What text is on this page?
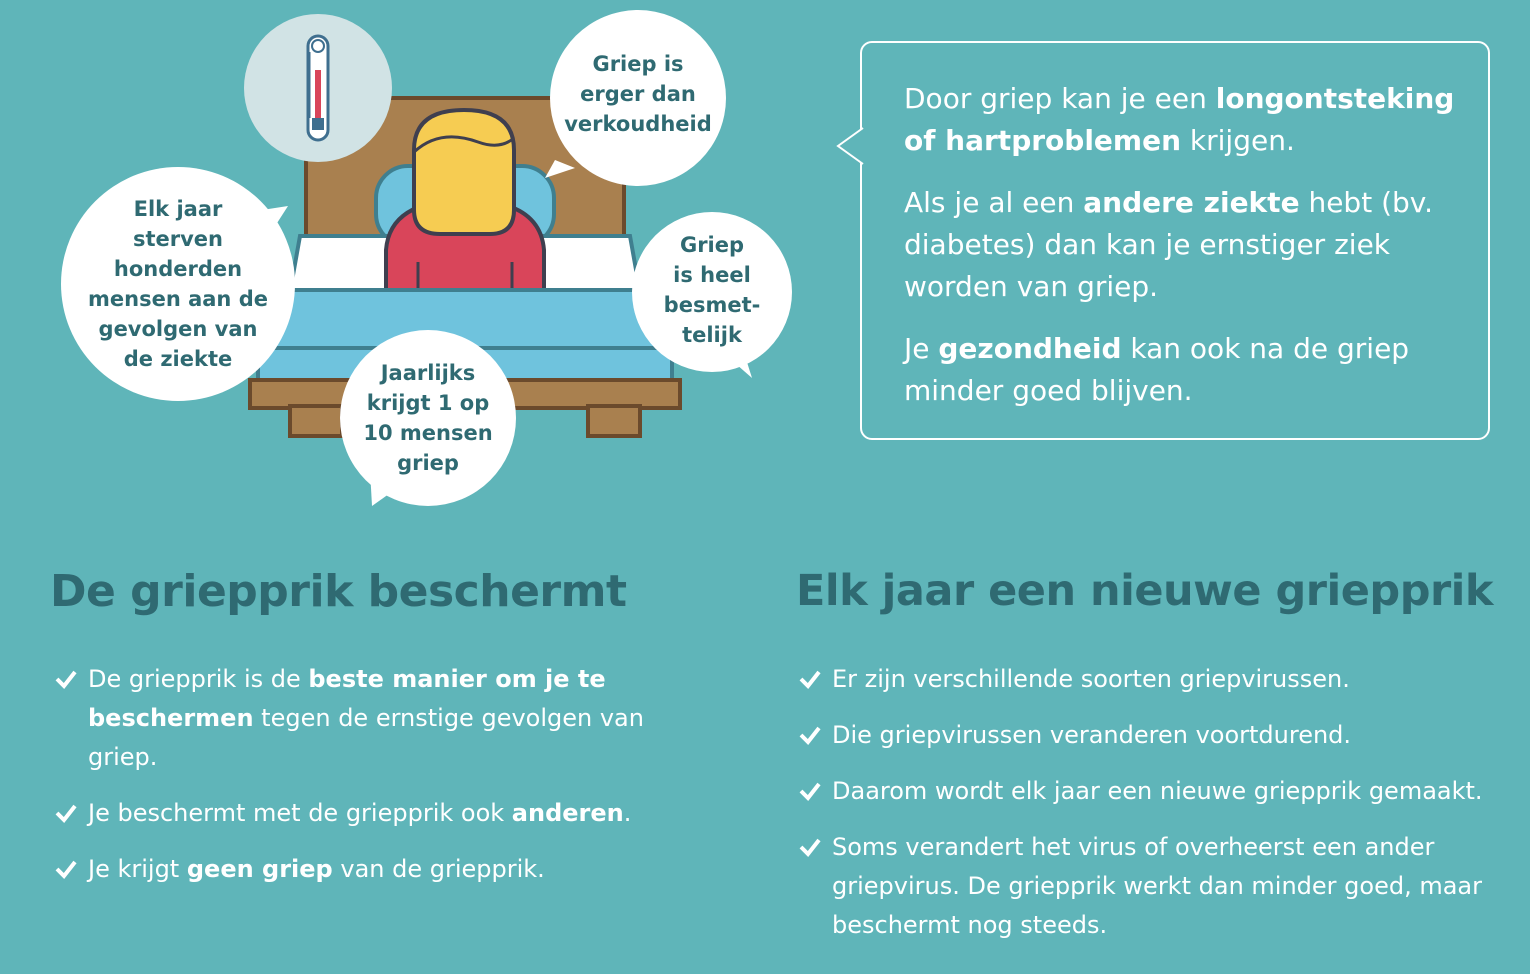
Griep is
erger dan
verkoudheid
Elk jaar
sterven
honderden
mensen aan de
gevolgen van
de ziekte
Griep
is heel
besmet-
telijk
Jaarlijks
krijgt 1 op
10 mensen
griep

Door griep kan je een longontsteking of hartproblemen krijgen.

Als je al een andere ziekte hebt (bv. diabetes) dan kan je ernstiger ziek worden van griep.

Je gezondheid kan ook na de griep minder goed blijven.

De griepprik beschermt
De griepprik is de beste manier om je te beschermen tegen de ernstige gevolgen van griep.
Je beschermt met de griepprik ook anderen.
Je krijgt geen griep van de griepprik.
Elk jaar een nieuwe griepprik
Er zijn verschillende soorten griepvirussen.
Die griepvirussen veranderen voortdurend.
Daarom wordt elk jaar een nieuwe griepprik gemaakt.
Soms verandert het virus of overheerst een ander griepvirus. De griepprik werkt dan minder goed, maar beschermt nog steeds.
